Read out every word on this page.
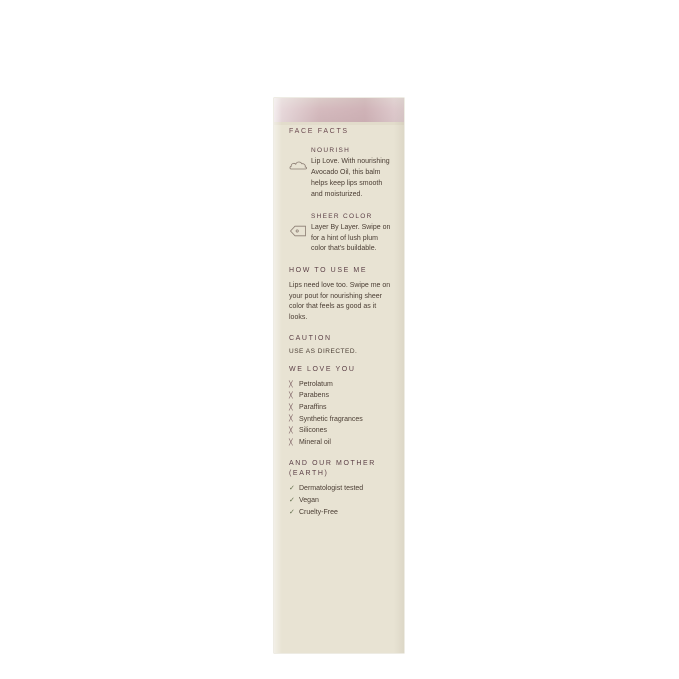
FACE FACTS

NOURISH

Lip Love. With nourishing Avocado Oil, this balm helps keep lips smooth and moisturized.

SHEER COLOR

Layer By Layer. Swipe on for a hint of lush plum color that's buildable.

HOW TO USE ME

Lips need love too. Swipe me on your pout for nourishing sheer color that feels as good as it looks.

CAUTION

USE AS DIRECTED.

WE LOVE YOU

╳ Petrolatum
╳ Parabens
╳ Paraffins
╳ Synthetic fragrances
╳ Silicones
╳ Mineral oil

AND OUR MOTHER (EARTH)

✓ Dermatologist tested
✓ Vegan
✓ Cruelty-Free
